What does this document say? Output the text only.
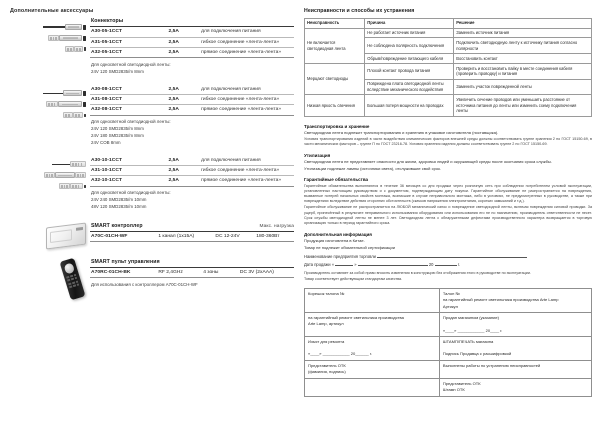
Дополнительные аксессуары
Коннекторы
A30-05-1CCT	2,5A	для подключения питания
A31-05-1CCT	2,5A	гибкое соединение «лента-лента»
A32-05-1CCT	2,5A	прямое соединение «лента-лента»
Для односветной светодиодной ленты:
24V 120 SMD2835/m 8mm
A30-08-1CCT	2,5A	для подключения питания
A31-08-1CCT	2,5A	гибкое соединение «лента-лента»
A32-08-1CCT	2,5A	прямое соединение «лента-лента»
Для односветной светодиодной ленты:
24V 120 SMD2835/m 8mm
24V 180 SMD2835/m 8mm
24V COB 8mm
A30-10-1CCT	2,5A	для подключения питания
A31-10-1CCT	2,5A	гибкое соединение «лента-лента»
A32-10-1CCT	2,5A	прямое соединение «лента-лента»
Для односветной светодиодной ленты:
24V 240 SMD2835/m 10mm
48V 120 SMD2835/m 10mm
SMART контроллер	Макс. нагрузка
A70C-01CH-WF	1 канал (1х15A)	DC 12-24V	180-360Вт
SMART пульт управления
A70RC-01CH-BK	RF 2,4GHz	4 зоны	DC 3V (2xAAA)
Для использования с контроллером A70C-01CH-WF
Неисправности и способы их устранения
Неисправность	Причина	Решение
Не включается светодиодная лента	Не работает источник питания	Заменить источник питания
	Не соблюдена полярность подключения	Подключить светодиодную ленту к источнику питания согласно полярности
	Обрыв/повреждение питающего кабеля	Восстановить контакт
Мерцают светодиоды	Плохой контакт провода питания	Проверить и восстановить пайку в месте соединения кабеля (проверить проводку) и питания
	Повреждена плата светодиодной ленты вследствие механического воздействия	Заменить участок поврежденной ленты
Низкая яркость свечения	Большая потеря мощности на проводах	Увеличить сечение проводов или уменьшить расстояние от источника питания до ленты или изменить схему подключения ленты
Транспортировка и хранение

Светодиодная лента подлежит транспортированию и хранению в упаковке изготовителя (поставщика).

Условия транспортирования изделий в части воздействия климатических факторов внешней среды должны соответствовать группе хранения 2 по ГОСТ 15150-69, в части механических факторов – группе П по ГОСТ 23216-78. Условия хранения изделия должны соответствовать группе 2 по ГОСТ 15150-69.

Утилизация

Светодиодная лента не представляет опасности для жизни, здоровья людей и окружающей среды после окончания срока службы.

Утилизации подлежат лампы (источники света), отслужившие свой срок.

Гарантийные обязательства

Гарантийные обязательства выполняются в течение 36 месяцев со дня продажи через розничную сеть при соблюдении потребителем условий эксплуатации, установленных настоящим руководством и с документом, подтверждающим дату покупки. Гарантийное обслуживание не распространяется на повреждения, вызванные потерей начальных свойств монтажа, возникшие в случае неправильного монтажа, либо в условиях, не предусмотренных в руководстве, а также при повреждениях вследствие действия сторонних обстоятельств (скачков напряжения электропитания, коротких замыканий и т.д.).

Гарантийное обслуживание не распространяется на ЛЮБОЙ механический износ и повреждение светодиодной ленты, включая повреждения силовой проводки. За ущерб, принесённый в результате неправильного использования оборудования или использования его не по назначению, производитель ответственности не несет. Срок службы светодиодной ленты не менее 3 лет. Светодиодная лента с обнаруженными дефектами производственного характера возвращается в торговую организацию только в период гарантийного срока.

Дополнительная информация

Продукция изготовлена в Китае.

Товар не подлежит обязательной сертификации

Наименование предприятия торговли
Дата продажи «	»	20	г.

Производитель оставляет за собой право вносить изменения в конструкцию без отображения этого в руководстве по эксплуатации.

Товар соответствует действующим стандартам качества.

Корешок талона №	Талон №
на гарантийный ремонт светильника производства Arte Lamp
Артикул
на гарантийный ремонт светильника производства
Arte Lamp, артикул	Продан магазином (указание)

«____» ____________ 20____ г.
Изъят для ремонта

«____» ____________ 20______ г.	ШТАМП/ПЕЧАТЬ магазина

Подпись Продавца с расшифровкой
Представитель ОТК
(фамилия, подпись)	Выполнены работы по устранению неисправностей
	Представитель ОТК
Штамп ОТК
